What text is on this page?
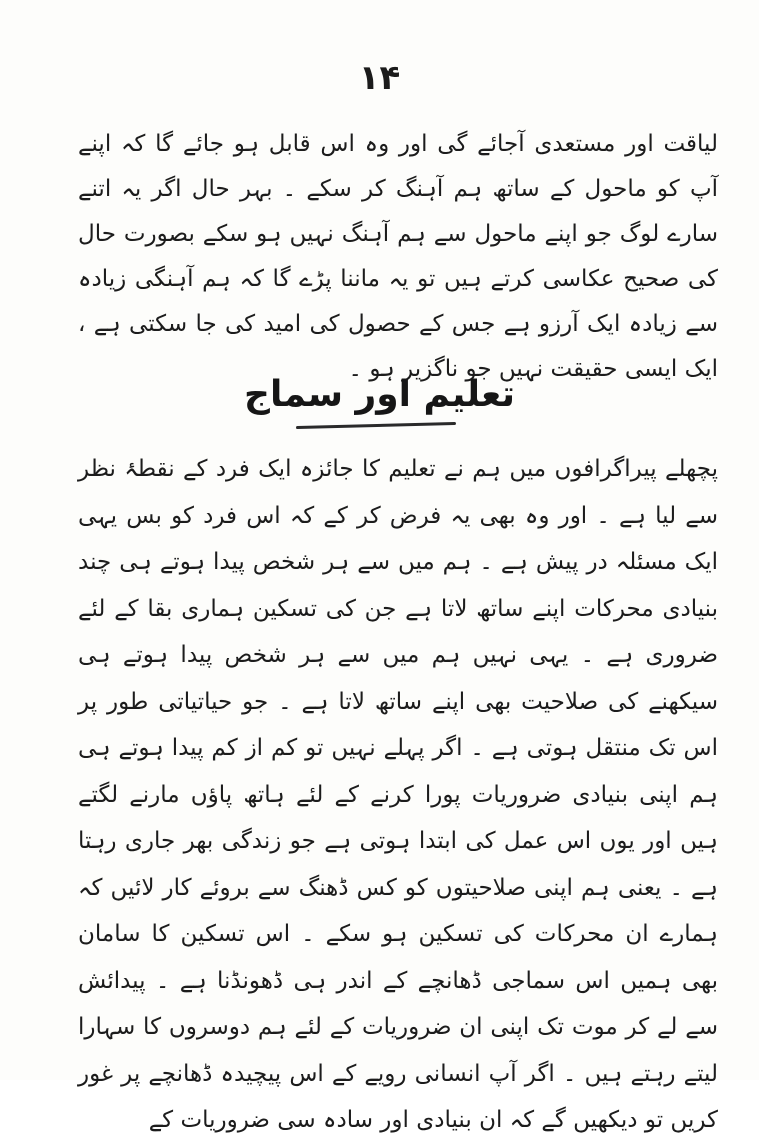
۱۴

لیاقت اور مستعدی آجائے گی اور وہ اس قابل ہو جائے گا کہ اپنے آپ کو ماحول کے ساتھ ہم آہنگ کر سکے ۔ بہر حال اگر یہ اتنے سارے لوگ جو اپنے ماحول سے ہم آہنگ نہیں ہو سکے بصورت حال کی صحیح عکاسی کرتے ہیں تو یہ ماننا پڑے گا کہ ہم آہنگی زیادہ سے زیادہ ایک آرزو ہے جس کے حصول کی امید کی جا سکتی ہے ، ایک ایسی حقیقت نہیں جو ناگزیر ہو ۔

تعلیم اور سماج

پچھلے پیراگرافوں میں ہم نے تعلیم کا جائزہ ایک فرد کے نقطۂ نظر سے لیا ہے ۔ اور وہ بھی یہ فرض کر کے کہ اس فرد کو بس یہی ایک مسئلہ در پیش ہے ۔ ہم میں سے ہر شخص پیدا ہوتے ہی چند بنیادی محرکات اپنے ساتھ لاتا ہے جن کی تسکین ہماری بقا کے لئے ضروری ہے ۔ یہی نہیں ہم میں سے ہر شخص پیدا ہوتے ہی سیکھنے کی صلاحیت بھی اپنے ساتھ لاتا ہے ۔ جو حیاتیاتی طور پر اس تک منتقل ہوتی ہے ۔ اگر پہلے نہیں تو کم از کم پیدا ہوتے ہی ہم اپنی بنیادی ضروریات پورا کرنے کے لئے ہاتھ پاؤں مارنے لگتے ہیں اور یوں اس عمل کی ابتدا ہوتی ہے جو زندگی بھر جاری رہتا ہے ۔ یعنی ہم اپنی صلاحیتوں کو کس ڈھنگ سے بروئے کار لائیں کہ ہمارے ان محرکات کی تسکین ہو سکے ۔ اس تسکین کا سامان بھی ہمیں اس سماجی ڈھانچے کے اندر ہی ڈھونڈنا ہے ۔ پیدائش سے لے کر موت تک اپنی ان ضروریات کے لئے ہم دوسروں کا سہارا لیتے رہتے ہیں ۔ اگر آپ انسانی رویے کے اس پیچیدہ ڈھانچے پر غور کریں تو دیکھیں گے کہ ان بنیادی اور سادہ سی ضروریات کے
